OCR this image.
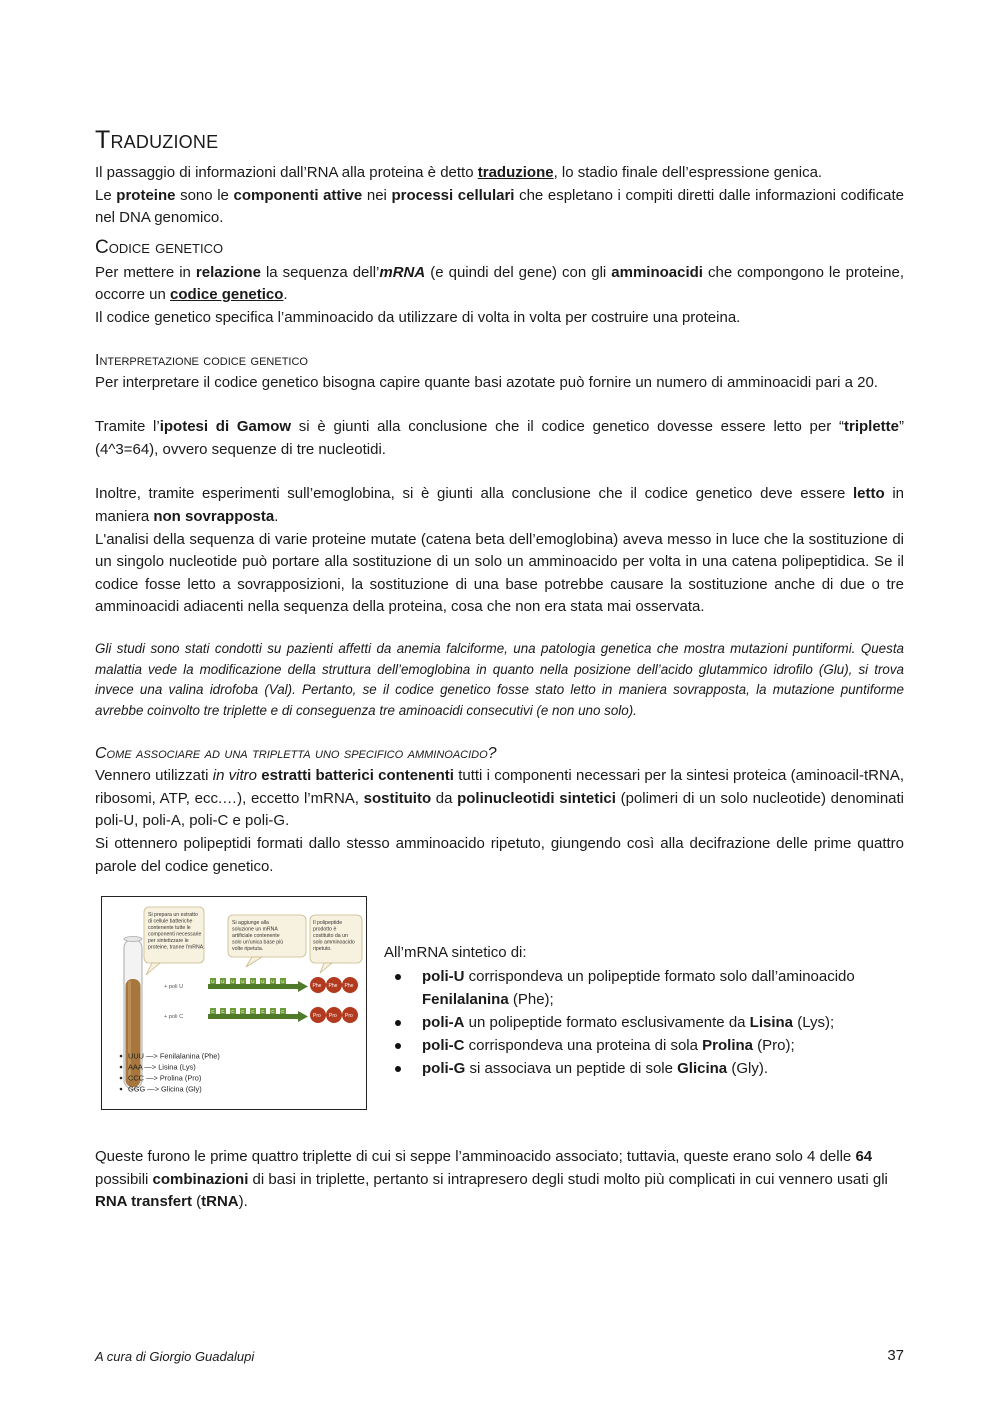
Traduzione

Il passaggio di informazioni dall’RNA alla proteina è detto traduzione, lo stadio finale dell’espressione genica.
Le proteine sono le componenti attive nei processi cellulari che espletano i compiti diretti dalle informazioni codificate nel DNA genomico.

Codice genetico

Per mettere in relazione la sequenza dell’mRNA (e quindi del gene) con gli amminoacidi che compongono le proteine, occorre un codice genetico.

Il codice genetico specifica l’amminoacido da utilizzare di volta in volta per costruire una proteina.

Interpretazione codice genetico

Per interpretare il codice genetico bisogna capire quante basi azotate può fornire un numero di amminoacidi pari a 20.

Tramite l’ipotesi di Gamow si è giunti alla conclusione che il codice genetico dovesse essere letto per “triplette” (4^3=64), ovvero sequenze di tre nucleotidi.

Inoltre, tramite esperimenti sull’emoglobina, si è giunti alla conclusione che il codice genetico deve essere letto in maniera non sovrapposta.

L'analisi della sequenza di varie proteine mutate (catena beta dell’emoglobina) aveva messo in luce che la sostituzione di un singolo nucleotide può portare alla sostituzione di un solo un amminoacido per volta in una catena polipeptidica. Se il codice fosse letto a sovrapposizioni, la sostituzione di una base potrebbe causare la sostituzione anche di due o tre amminoacidi adiacenti nella sequenza della proteina, cosa che non era stata mai osservata.

Gli studi sono stati condotti su pazienti affetti da anemia falciforme, una patologia genetica che mostra mutazioni puntiformi. Questa malattia vede la modificazione della struttura dell’emoglobina in quanto nella posizione dell’acido glutammico idrofilo (Glu), si trova invece una valina idrofoba (Val). Pertanto, se il codice genetico fosse stato letto in maniera sovrapposta, la mutazione puntiforme avrebbe coinvolto tre triplette e di conseguenza tre aminoacidi consecutivi (e non uno solo).

Come associare ad una tripletta uno specifico amminoacido?

Vennero utilizzati in vitro estratti batterici contenenti tutti i componenti necessari per la sintesi proteica (aminoacil-tRNA, ribosomi, ATP, ecc.…), eccetto l’mRNA, sostituito da polinucleotidi sintetici (polimeri di un solo nucleotide) denominati poli-U, poli-A, poli-C e poli-G.

Si ottennero polipeptidi formati dallo stesso amminoacido ripetuto, giungendo così alla decifrazione delle prime quattro parole del codice genetico.

Si prepara un estratto
di cellule batteriche
contenente tutte le
componenti necessarie
per sintetizzare le
proteine, tranne l'mRNA.
Si aggiunge alla
soluzione un mRNA
artificiale contenente
solo un'unica base più
volte ripetuta.
Il polipeptide
prodotto è
costituito da un
solo amminoacido
ripetuto.
+ poli U
U U U U U U U U
Phe Phe Phe
+ poli C
C C C C C C C C
Pro Pro Pro
UUU —> Fenilalanina (Phe)
AAA —> Lisina (Lys)
CCC —> Prolina (Pro)
GGG —> Glicina (Gly)

All’mRNA sintetico di:

poli-U corrispondeva un polipeptide formato solo dall’aminoacido Fenilalanina (Phe);
poli-A un polipeptide formato esclusivamente da Lisina (Lys);
poli-C corrispondeva una proteina di sola Prolina (Pro);
poli-G si associava un peptide di sole Glicina (Gly).

Queste furono le prime quattro triplette di cui si seppe l’amminoacido associato; tuttavia, queste erano solo 4 delle 64 possibili combinazioni di basi in triplette, pertanto si intrapresero degli studi molto più complicati in cui vennero usati gli RNA transfert (tRNA).

A cura di Giorgio Guadalupi	37
